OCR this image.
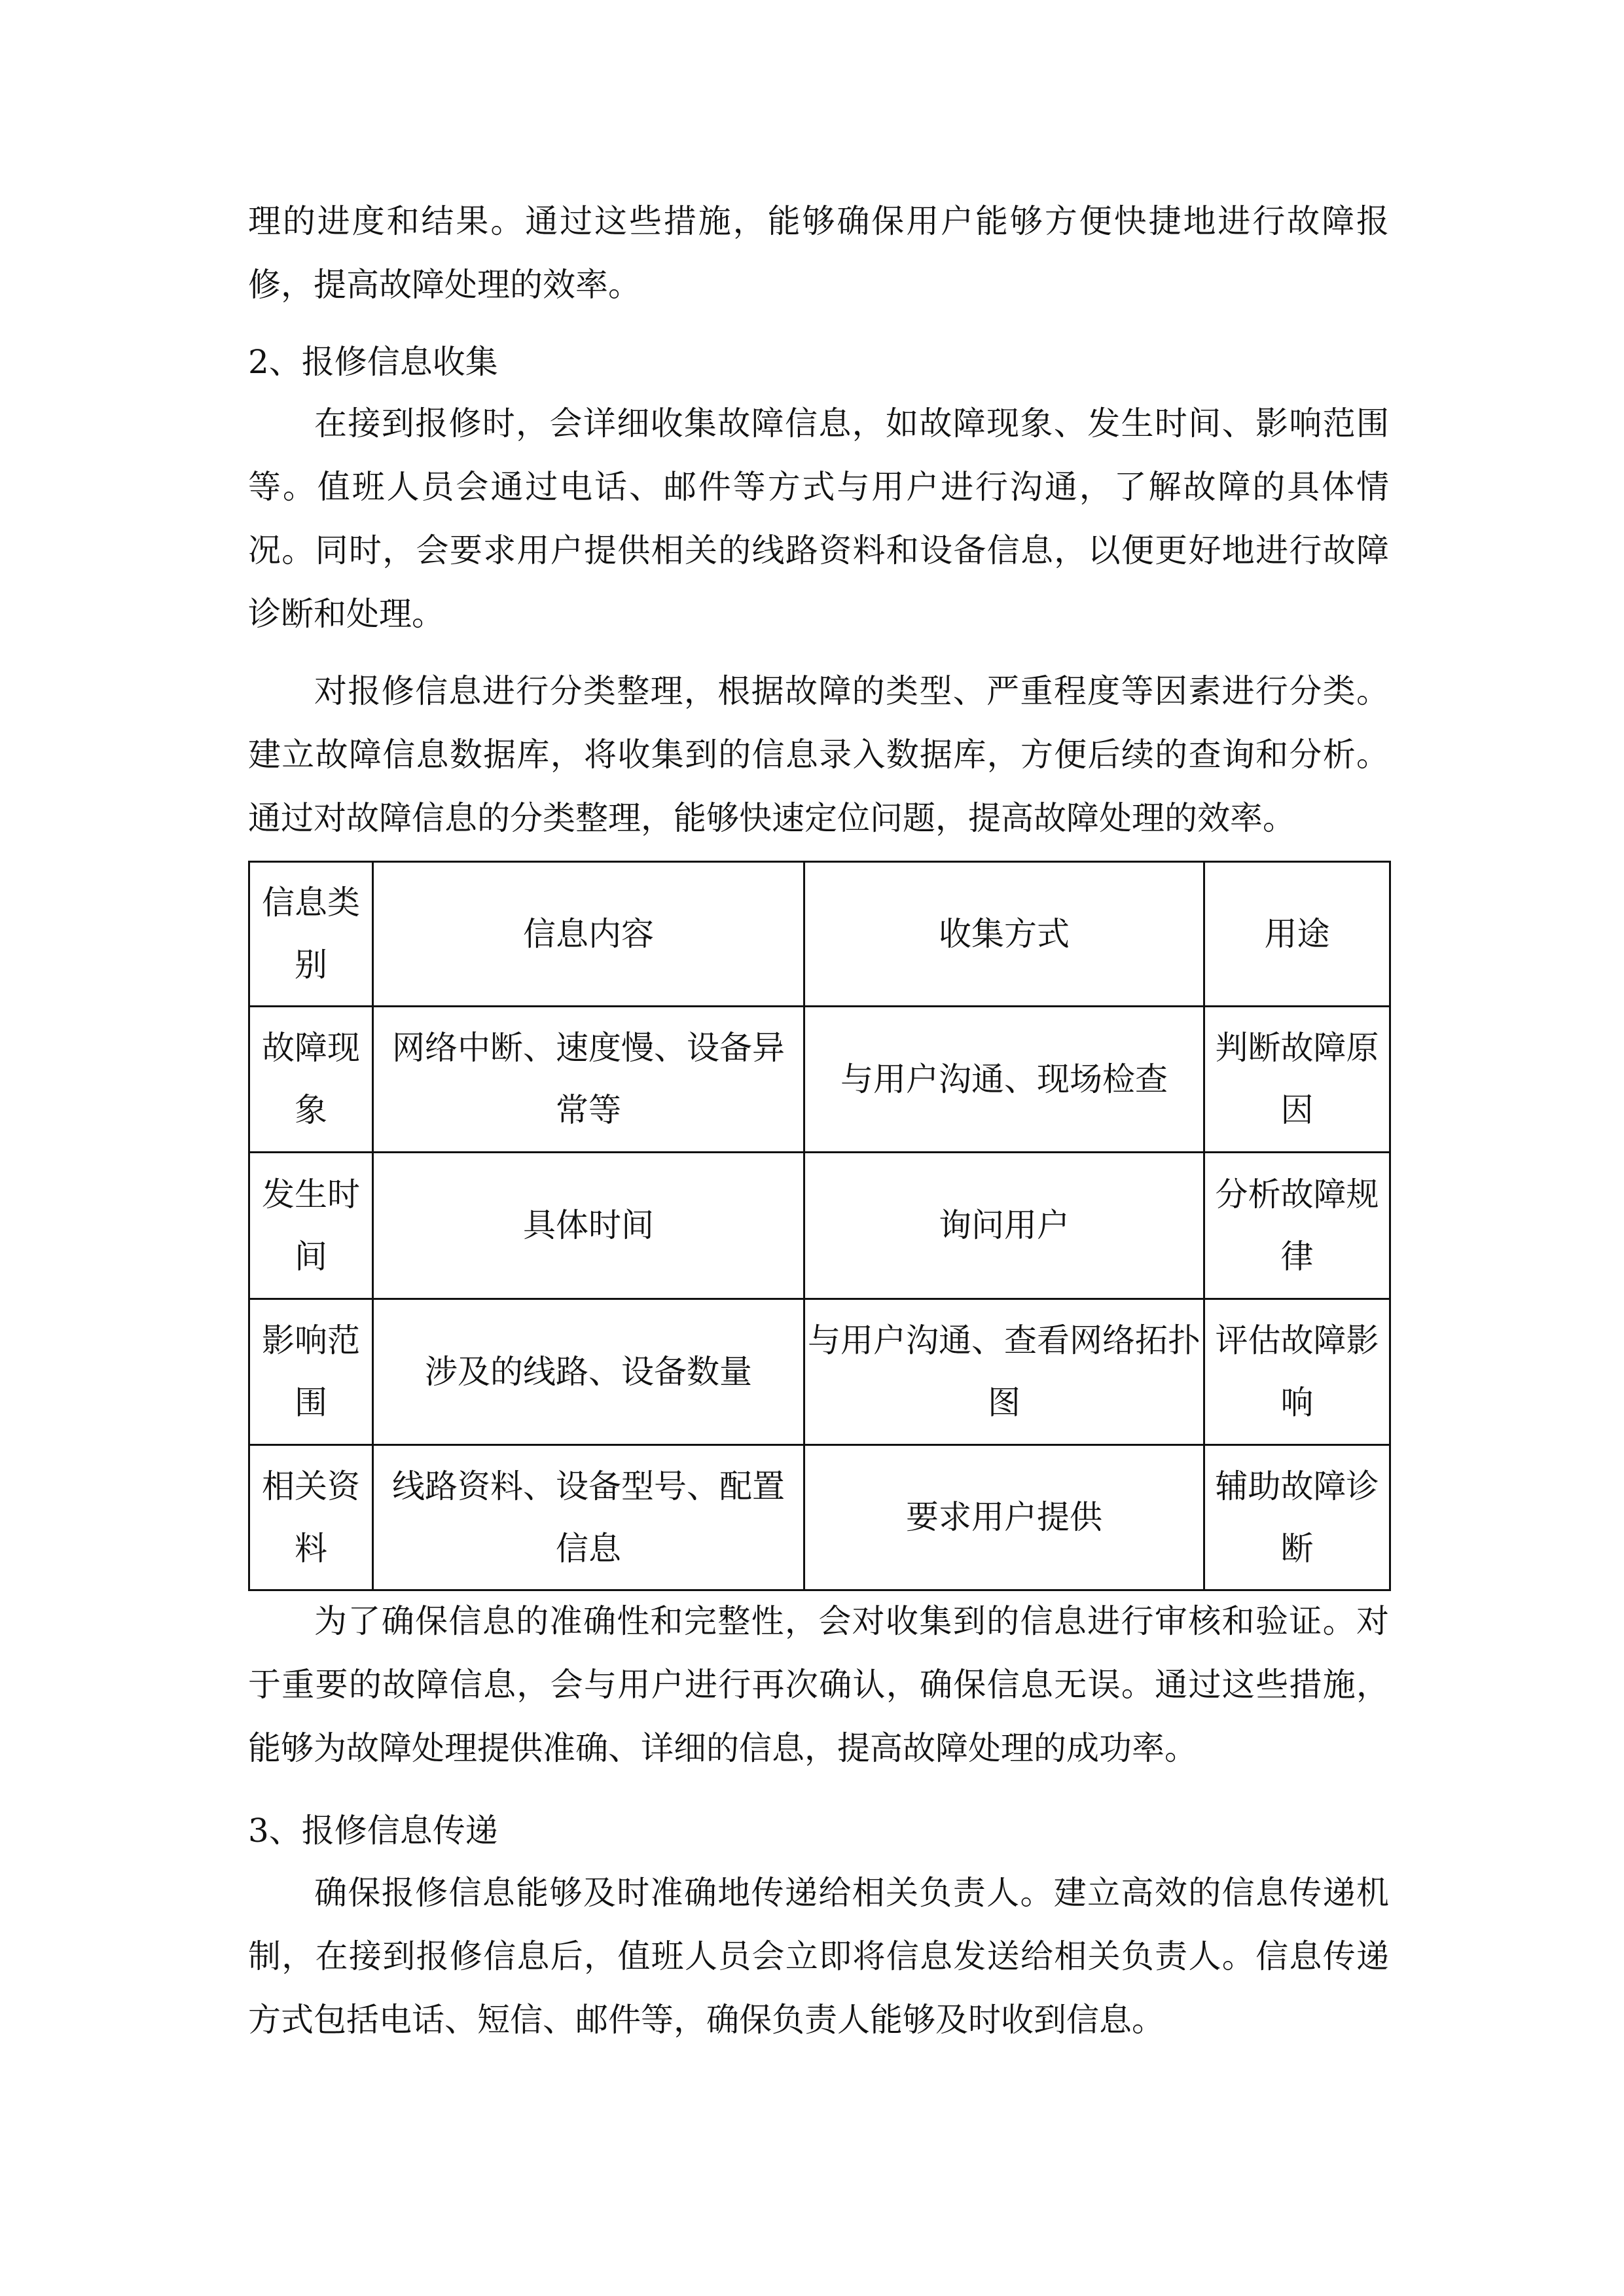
理的进度和结果。通过这些措施，能够确保用户能够方便快捷地进行故障报
修，提高故障处理的效率。
2、报修信息收集
在接到报修时，会详细收集故障信息，如故障现象、发生时间、影响范围
等。值班人员会通过电话、邮件等方式与用户进行沟通，了解故障的具体情
况。同时，会要求用户提供相关的线路资料和设备信息，以便更好地进行故障
诊断和处理。
对报修信息进行分类整理，根据故障的类型、严重程度等因素进行分类。
建立故障信息数据库，将收集到的信息录入数据库，方便后续的查询和分析。
通过对故障信息的分类整理，能够快速定位问题，提高故障处理的效率。
信息类别	信息内容	收集方式	用途
故障现象	网络中断、速度慢、设备异常等	与用户沟通、现场检查	判断故障原因
发生时间	具体时间	询问用户	分析故障规律
影响范围	涉及的线路、设备数量	与用户沟通、查看网络拓扑图	评估故障影响
相关资料	线路资料、设备型号、配置信息	要求用户提供	辅助故障诊断
为了确保信息的准确性和完整性，会对收集到的信息进行审核和验证。对
于重要的故障信息，会与用户进行再次确认，确保信息无误。通过这些措施，
能够为故障处理提供准确、详细的信息，提高故障处理的成功率。
3、报修信息传递
确保报修信息能够及时准确地传递给相关负责人。建立高效的信息传递机
制，在接到报修信息后，值班人员会立即将信息发送给相关负责人。信息传递
方式包括电话、短信、邮件等，确保负责人能够及时收到信息。
